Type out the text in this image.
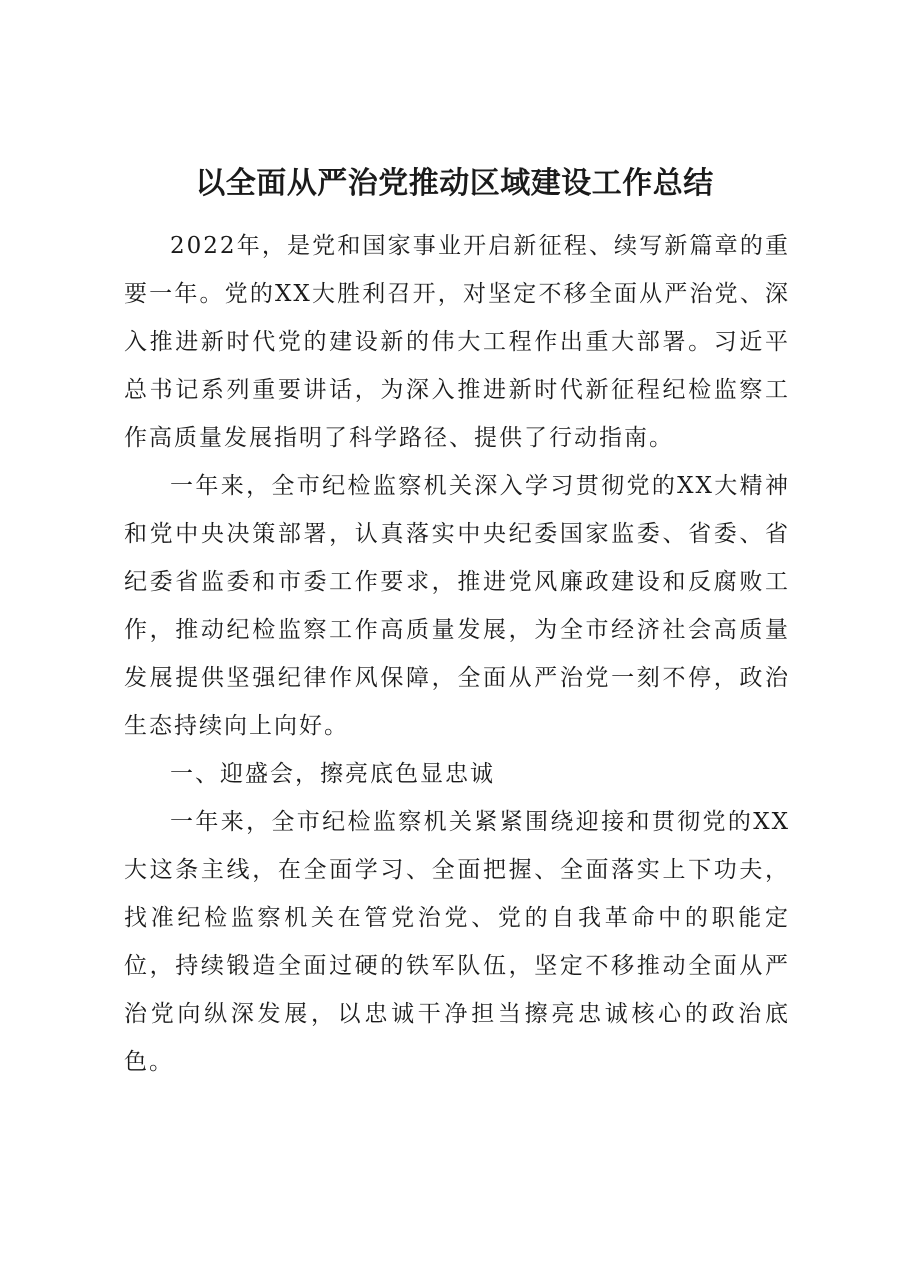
以全面从严治党推动区域建设工作总结

2022年，是党和国家事业开启新征程、续写新篇章的重要一年。党的XX大胜利召开，对坚定不移全面从严治党、深入推进新时代党的建设新的伟大工程作出重大部署。习近平总书记系列重要讲话，为深入推进新时代新征程纪检监察工作高质量发展指明了科学路径、提供了行动指南。

一年来，全市纪检监察机关深入学习贯彻党的XX大精神和党中央决策部署，认真落实中央纪委国家监委、省委、省纪委省监委和市委工作要求，推进党风廉政建设和反腐败工作，推动纪检监察工作高质量发展，为全市经济社会高质量发展提供坚强纪律作风保障，全面从严治党一刻不停，政治生态持续向上向好。

一、迎盛会，擦亮底色显忠诚

一年来，全市纪检监察机关紧紧围绕迎接和贯彻党的XX大这条主线，在全面学习、全面把握、全面落实上下功夫，找准纪检监察机关在管党治党、党的自我革命中的职能定位，持续锻造全面过硬的铁军队伍，坚定不移推动全面从严治党向纵深发展，以忠诚干净担当擦亮忠诚核心的政治底色。
